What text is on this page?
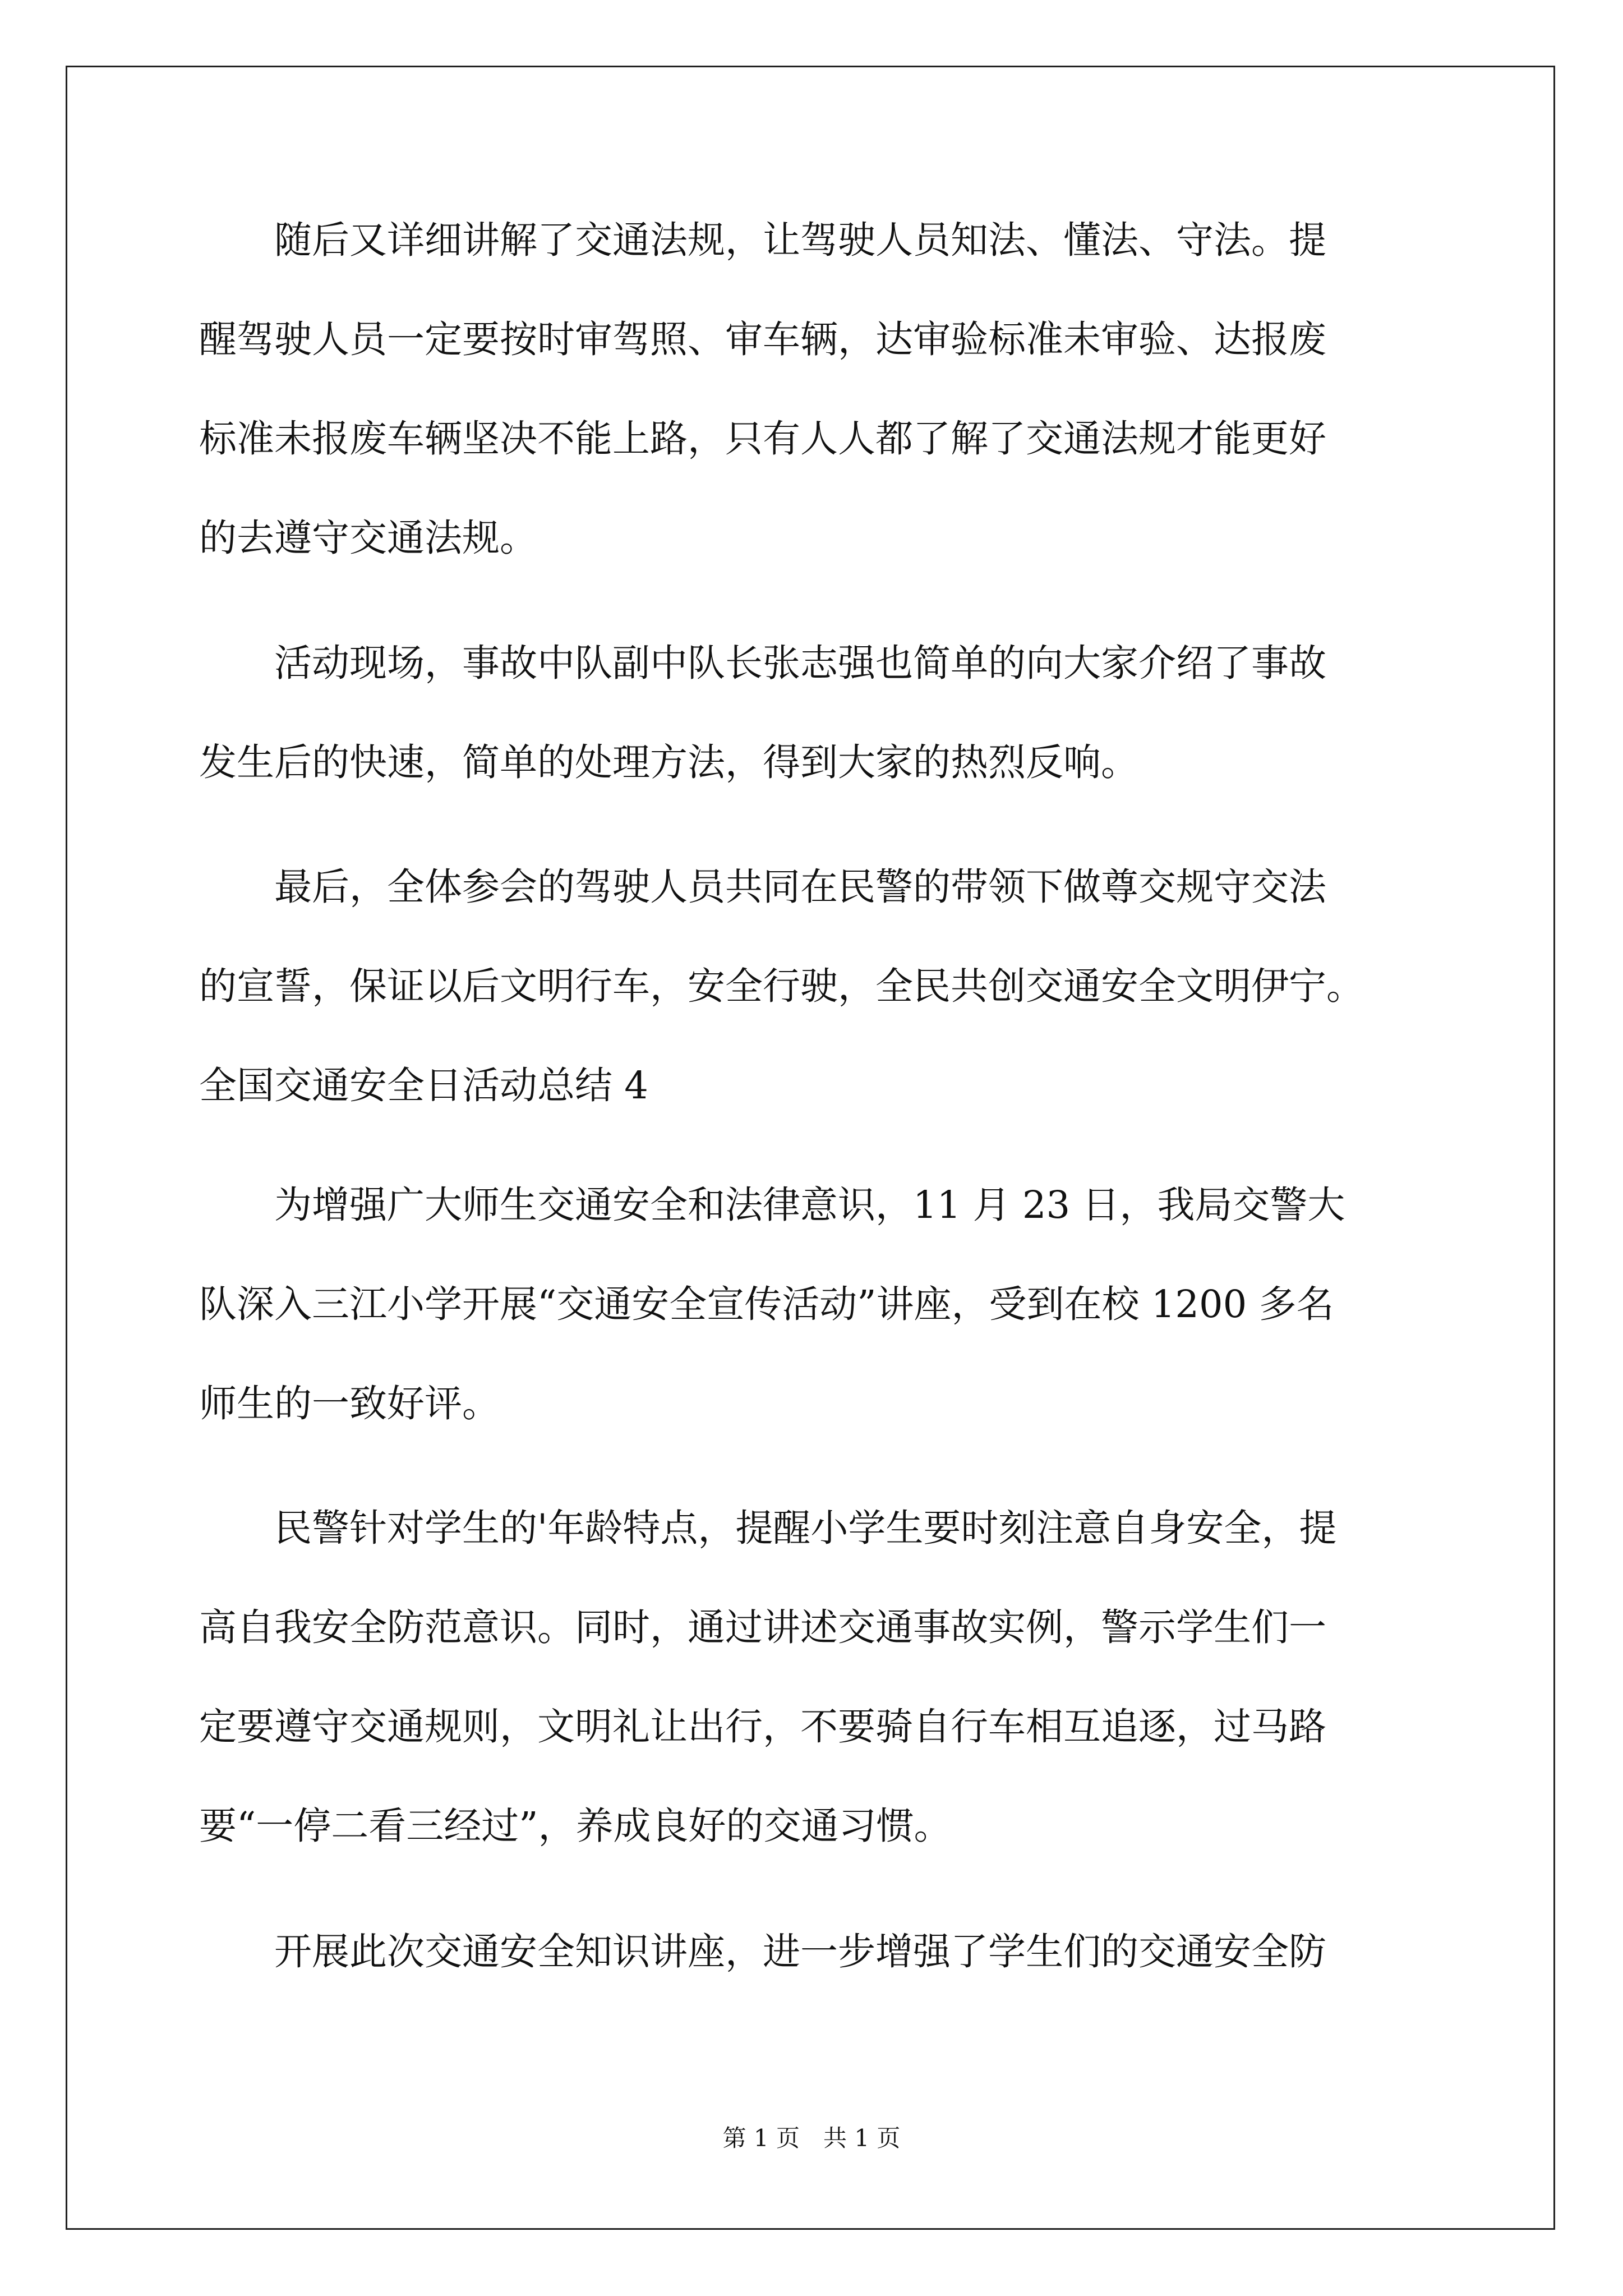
　　随后又详细讲解了交通法规，让驾驶人员知法、懂法、守法。提
醒驾驶人员一定要按时审驾照、审车辆，达审验标准未审验、达报废
标准未报废车辆坚决不能上路，只有人人都了解了交通法规才能更好
的去遵守交通法规。
　　活动现场，事故中队副中队长张志强也简单的向大家介绍了事故
发生后的快速，简单的处理方法，得到大家的热烈反响。
　　最后，全体参会的驾驶人员共同在民警的带领下做尊交规守交法
的宣誓，保证以后文明行车，安全行驶，全民共创交通安全文明伊宁。
全国交通安全日活动总结 4
　　为增强广大师生交通安全和法律意识，11 月 23 日，我局交警大
队深入三江小学开展“交通安全宣传活动”讲座，受到在校 1200 多名
师生的一致好评。
　　民警针对学生的'年龄特点，提醒小学生要时刻注意自身安全，提
高自我安全防范意识。同时，通过讲述交通事故实例，警示学生们一
定要遵守交通规则，文明礼让出行，不要骑自行车相互追逐，过马路
要“一停二看三经过”，养成良好的交通习惯。
　　开展此次交通安全知识讲座，进一步增强了学生们的交通安全防
第 1 页　共 1 页
